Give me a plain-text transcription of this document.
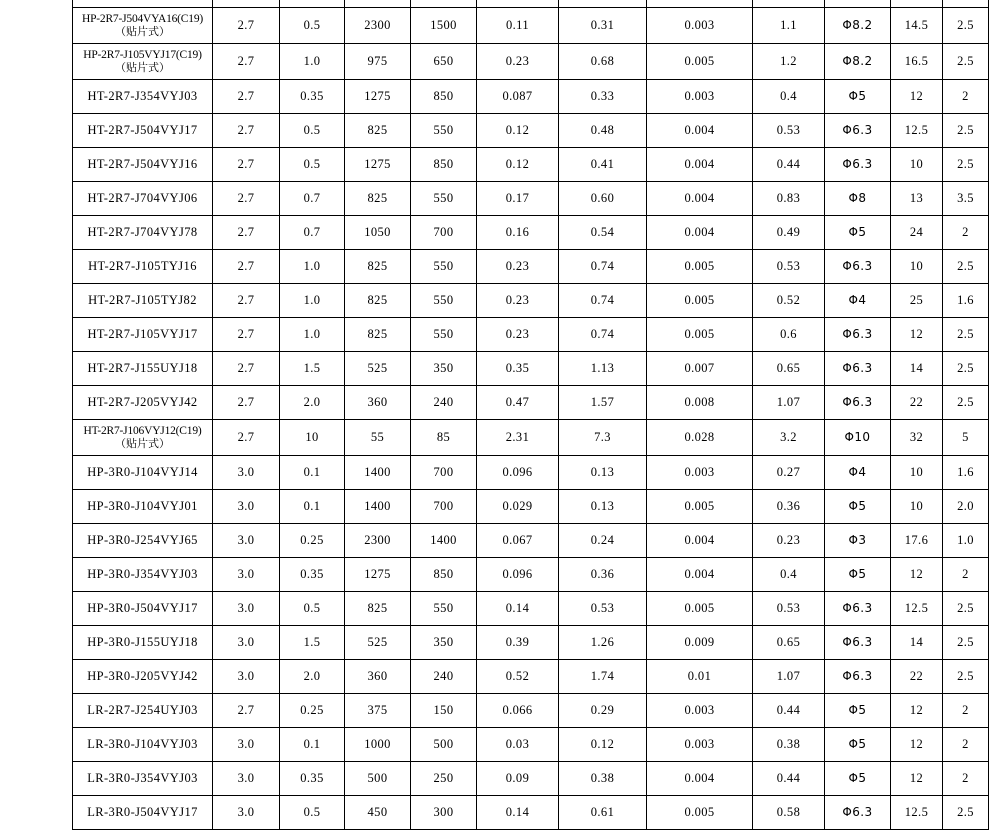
HP-2R7-J504VYA16(C19)
（贴片式）	2.7	0.5	2300	1500	0.11	0.31	0.003	1.1	Φ8.2	14.5	2.5
HP-2R7-J105VYJ17(C19)
（贴片式）	2.7	1.0	975	650	0.23	0.68	0.005	1.2	Φ8.2	16.5	2.5
HT-2R7-J354VYJ03	2.7	0.35	1275	850	0.087	0.33	0.003	0.4	Φ5	12	2
HT-2R7-J504VYJ17	2.7	0.5	825	550	0.12	0.48	0.004	0.53	Φ6.3	12.5	2.5
HT-2R7-J504VYJ16	2.7	0.5	1275	850	0.12	0.41	0.004	0.44	Φ6.3	10	2.5
HT-2R7-J704VYJ06	2.7	0.7	825	550	0.17	0.60	0.004	0.83	Φ8	13	3.5
HT-2R7-J704VYJ78	2.7	0.7	1050	700	0.16	0.54	0.004	0.49	Φ5	24	2
HT-2R7-J105TYJ16	2.7	1.0	825	550	0.23	0.74	0.005	0.53	Φ6.3	10	2.5
HT-2R7-J105TYJ82	2.7	1.0	825	550	0.23	0.74	0.005	0.52	Φ4	25	1.6
HT-2R7-J105VYJ17	2.7	1.0	825	550	0.23	0.74	0.005	0.6	Φ6.3	12	2.5
HT-2R7-J155UYJ18	2.7	1.5	525	350	0.35	1.13	0.007	0.65	Φ6.3	14	2.5
HT-2R7-J205VYJ42	2.7	2.0	360	240	0.47	1.57	0.008	1.07	Φ6.3	22	2.5
HT-2R7-J106VYJ12(C19)
（贴片式）	2.7	10	55	85	2.31	7.3	0.028	3.2	Φ10	32	5
HP-3R0-J104VYJ14	3.0	0.1	1400	700	0.096	0.13	0.003	0.27	Φ4	10	1.6
HP-3R0-J104VYJ01	3.0	0.1	1400	700	0.029	0.13	0.005	0.36	Φ5	10	2.0
HP-3R0-J254VYJ65	3.0	0.25	2300	1400	0.067	0.24	0.004	0.23	Φ3	17.6	1.0
HP-3R0-J354VYJ03	3.0	0.35	1275	850	0.096	0.36	0.004	0.4	Φ5	12	2
HP-3R0-J504VYJ17	3.0	0.5	825	550	0.14	0.53	0.005	0.53	Φ6.3	12.5	2.5
HP-3R0-J155UYJ18	3.0	1.5	525	350	0.39	1.26	0.009	0.65	Φ6.3	14	2.5
HP-3R0-J205VYJ42	3.0	2.0	360	240	0.52	1.74	0.01	1.07	Φ6.3	22	2.5
LR-2R7-J254UYJ03	2.7	0.25	375	150	0.066	0.29	0.003	0.44	Φ5	12	2
LR-3R0-J104VYJ03	3.0	0.1	1000	500	0.03	0.12	0.003	0.38	Φ5	12	2
LR-3R0-J354VYJ03	3.0	0.35	500	250	0.09	0.38	0.004	0.44	Φ5	12	2
LR-3R0-J504VYJ17	3.0	0.5	450	300	0.14	0.61	0.005	0.58	Φ6.3	12.5	2.5
